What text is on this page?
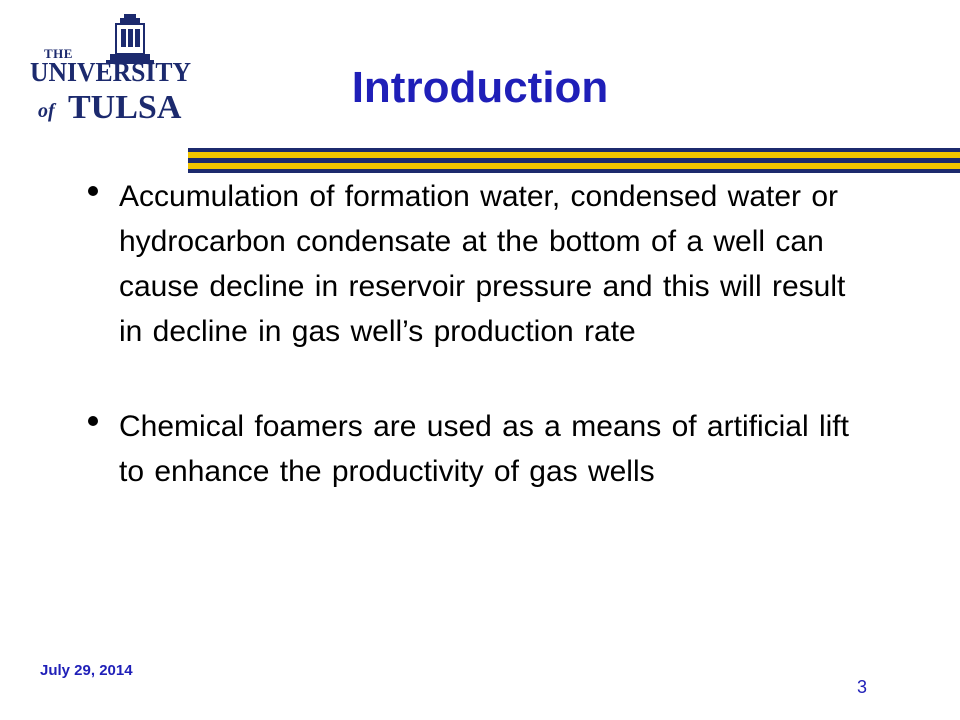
THE
UNIVERSITY
of TULSA	Introduction
Accumulation of formation water, condensed water or hydrocarbon condensate at the bottom of a well can cause decline in reservoir pressure and this will result in decline in gas well’s production rate
Chemical foamers are used as a means of artificial lift to enhance the productivity of gas wells
July 29, 2014
3
